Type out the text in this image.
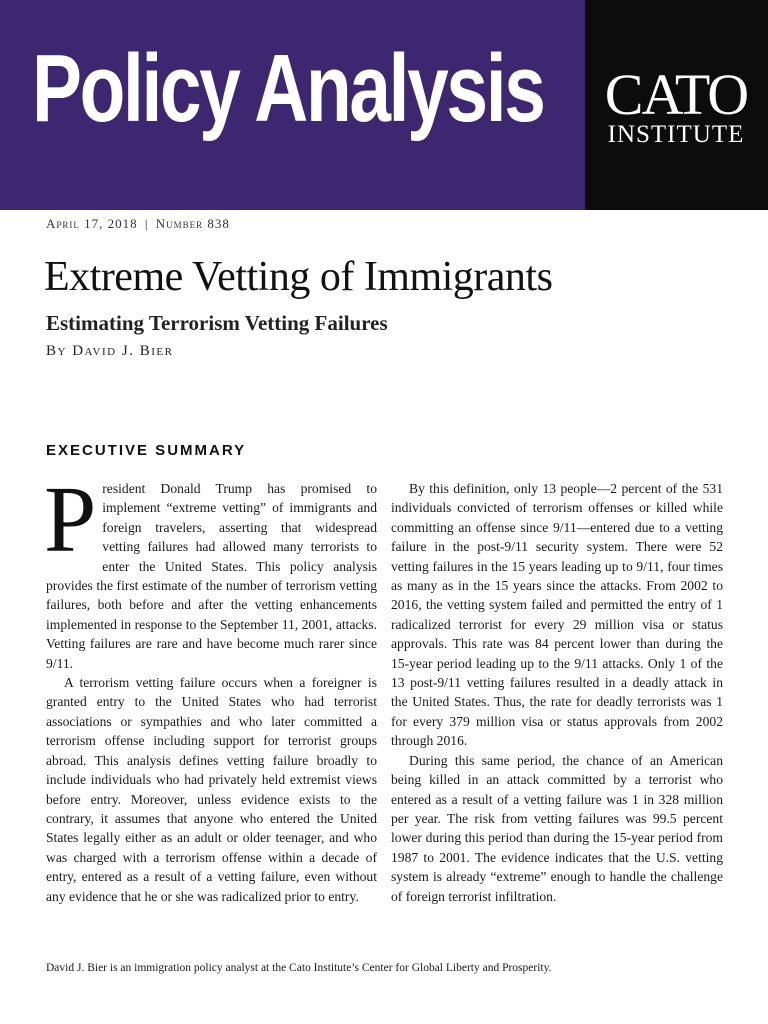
Policy Analysis CATO
INSTITUTE
April 17, 2018 | Number 838
Extreme Vetting of Immigrants
Estimating Terrorism Vetting Failures
By David J. Bier
EXECUTIVE SUMMARY

President Donald Trump has promised to implement “extreme vetting” of immigrants and foreign travelers, asserting that widespread vetting failures had allowed many terrorists to enter the United States. This policy analysis provides the first estimate of the number of terrorism vetting failures, both before and after the vetting enhancements implemented in response to the September 11, 2001, attacks. Vetting failures are rare and have become much rarer since 9/11.

A terrorism vetting failure occurs when a foreigner is granted entry to the United States who had terrorist associations or sympathies and who later committed a terrorism offense including support for terrorist groups abroad. This analysis defines vetting failure broadly to include individuals who had privately held extremist views before entry. Moreover, unless evidence exists to the contrary, it assumes that anyone who entered the United States legally either as an adult or older teenager, and who was charged with a terrorism offense within a decade of entry, entered as a result of a vetting failure, even without any evidence that he or she was radicalized prior to entry.

By this definition, only 13 people—2 percent of the 531 individuals convicted of terrorism offenses or killed while committing an offense since 9/11—entered due to a vetting failure in the post-9/11 security system. There were 52 vetting failures in the 15 years leading up to 9/11, four times as many as in the 15 years since the attacks. From 2002 to 2016, the vetting system failed and permitted the entry of 1 radicalized terrorist for every 29 million visa or status approvals. This rate was 84 percent lower than during the 15-year period leading up to the 9/11 attacks. Only 1 of the 13 post-9/11 vetting failures resulted in a deadly attack in the United States. Thus, the rate for deadly terrorists was 1 for every 379 million visa or status approvals from 2002 through 2016.

During this same period, the chance of an American being killed in an attack committed by a terrorist who entered as a result of a vetting failure was 1 in 328 million per year. The risk from vetting failures was 99.5 percent lower during this period than during the 15-year period from 1987 to 2001. The evidence indicates that the U.S. vetting system is already “extreme” enough to handle the challenge of foreign terrorist infiltration.

David J. Bier is an immigration policy analyst at the Cato Institute’s Center for Global Liberty and Prosperity.
